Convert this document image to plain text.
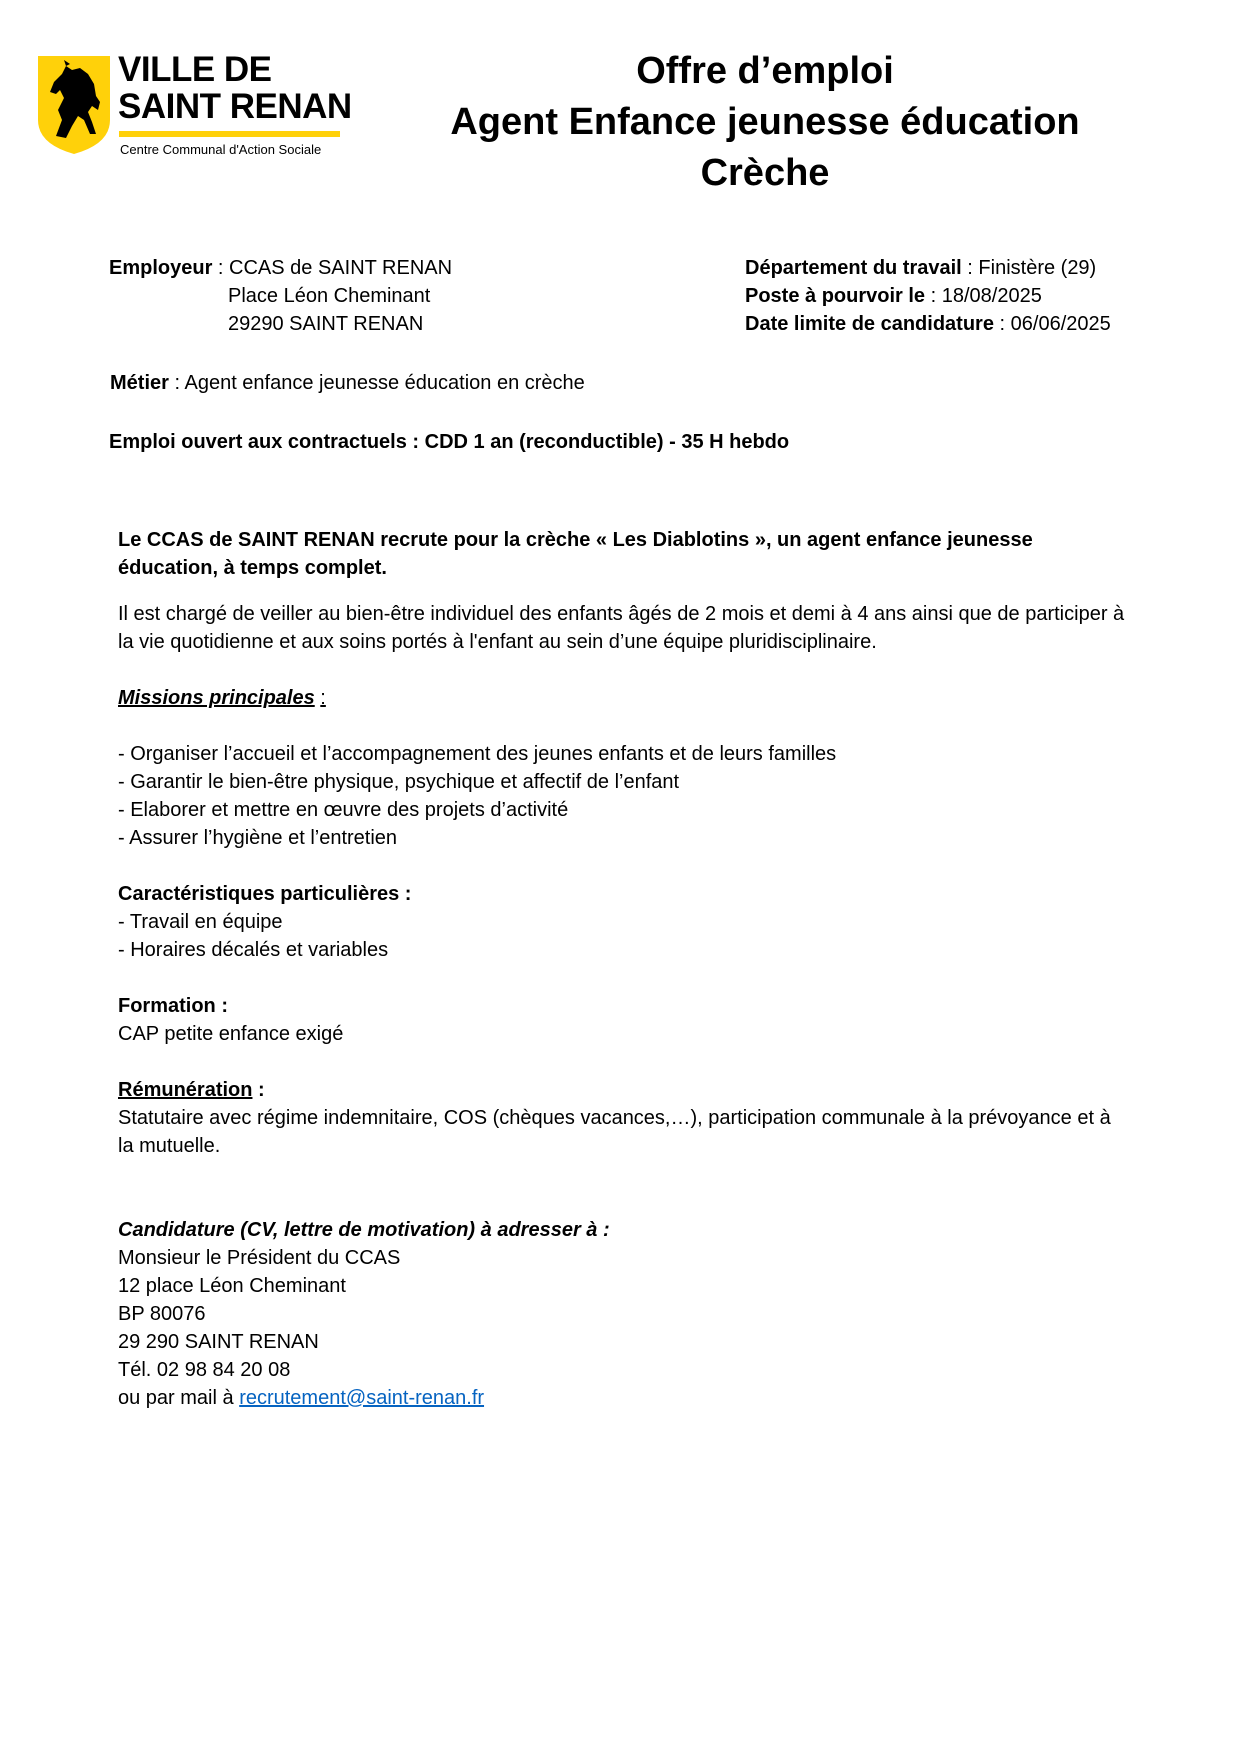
VILLE DE
SAINT RENAN
Centre Communal d'Action Sociale
Offre d’emploi
Agent Enfance jeunesse éducation
Crèche
Employeur : CCAS de SAINT RENAN
Place Léon Cheminant
29290 SAINT RENAN
Département du travail : Finistère (29)
Poste à pourvoir le : 18/08/2025
Date limite de candidature : 06/06/2025
Métier : Agent enfance jeunesse éducation en crèche
Emploi ouvert aux contractuels : CDD 1 an (reconductible) - 35 H hebdo
Le CCAS de SAINT RENAN recrute pour la crèche « Les Diablotins », un agent enfance jeunesse éducation, à temps complet.
Il est chargé de veiller au bien-être individuel des enfants âgés de 2 mois et demi à 4 ans ainsi que de participer à la vie quotidienne et aux soins portés à l'enfant au sein d’une équipe pluridisciplinaire.
Missions principales :
- Organiser l’accueil et l’accompagnement des jeunes enfants et de leurs familles
- Garantir le bien-être physique, psychique et affectif de l’enfant
- Elaborer et mettre en œuvre des projets d’activité
- Assurer l’hygiène et l’entretien
Caractéristiques particulières :
- Travail en équipe
- Horaires décalés et variables
Formation :
CAP petite enfance exigé
Rémunération :
Statutaire avec régime indemnitaire, COS (chèques vacances,…), participation communale à la prévoyance et à la mutuelle.
Candidature (CV, lettre de motivation) à adresser à :
Monsieur le Président du CCAS
12 place Léon Cheminant
BP 80076
29 290 SAINT RENAN
Tél. 02 98 84 20 08
ou par mail à recrutement@saint-renan.fr
